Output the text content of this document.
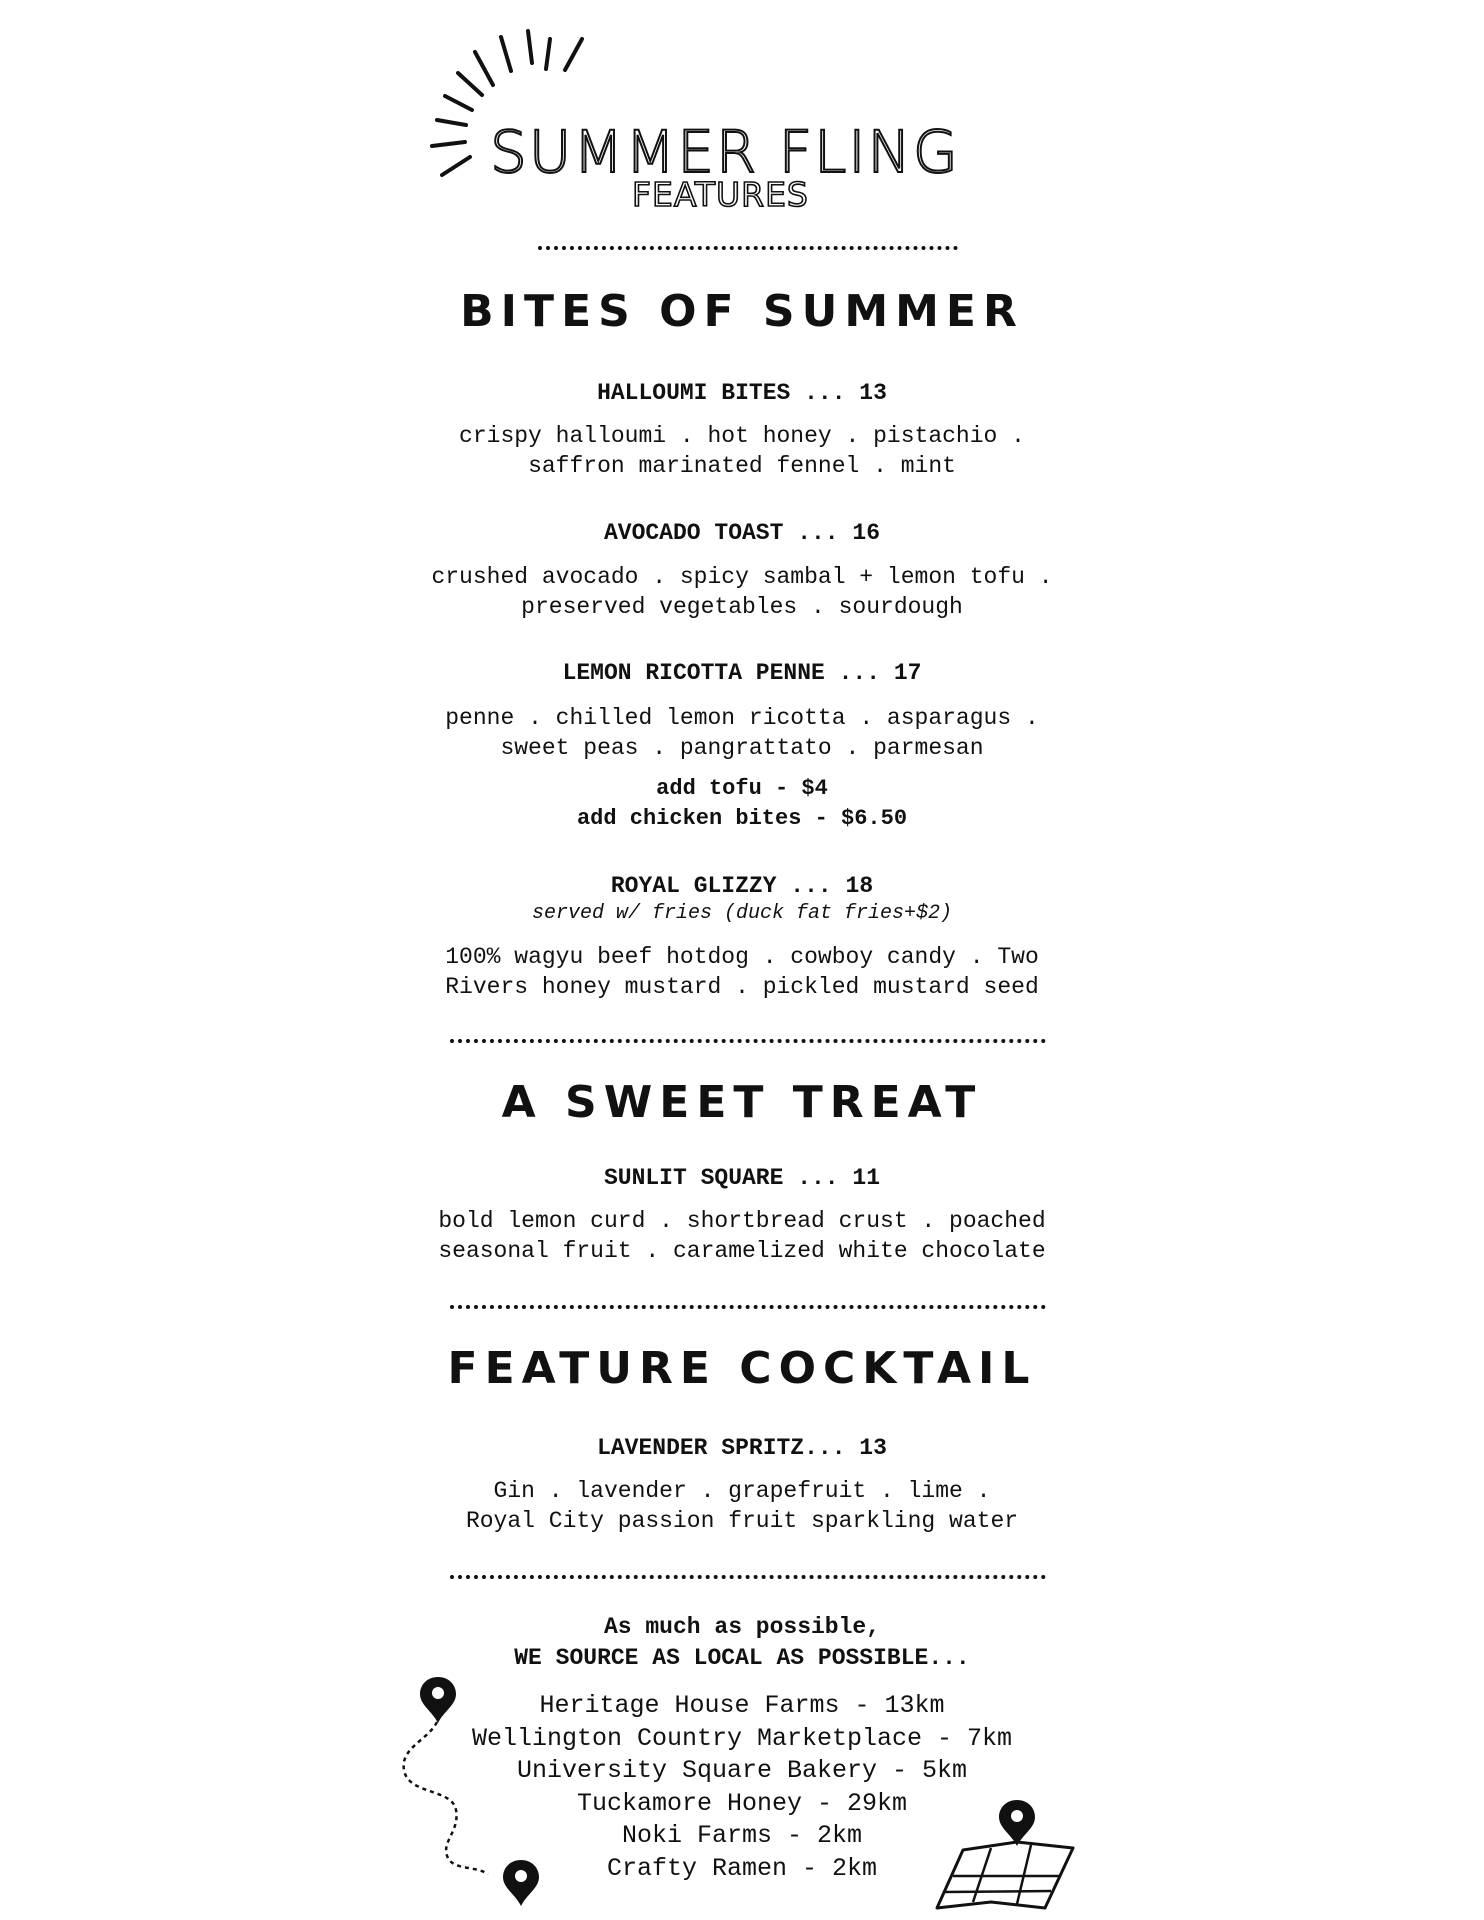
SUMMER FLING
FEATURES
BITES OF SUMMER
HALLOUMI BITES ... 13
crispy halloumi . hot honey . pistachio .
saffron marinated fennel . mint
AVOCADO TOAST ... 16
crushed avocado . spicy sambal + lemon tofu .
preserved vegetables . sourdough
LEMON RICOTTA PENNE ... 17
penne . chilled lemon ricotta . asparagus .
sweet peas . pangrattato . parmesan
add tofu - $4
add chicken bites - $6.50
ROYAL GLIZZY ... 18
served w/ fries (duck fat fries+$2)
100% wagyu beef hotdog . cowboy candy . Two
Rivers honey mustard . pickled mustard seed
A SWEET TREAT
SUNLIT SQUARE ... 11
bold lemon curd . shortbread crust . poached
seasonal fruit . caramelized white chocolate
FEATURE COCKTAIL
LAVENDER SPRITZ... 13
Gin . lavender . grapefruit . lime .
Royal City passion fruit sparkling water
As much as possible,
WE SOURCE AS LOCAL AS POSSIBLE...
Heritage House Farms - 13km
Wellington Country Marketplace - 7km
University Square Bakery - 5km
Tuckamore Honey - 29km
Noki Farms - 2km
Crafty Ramen - 2km
